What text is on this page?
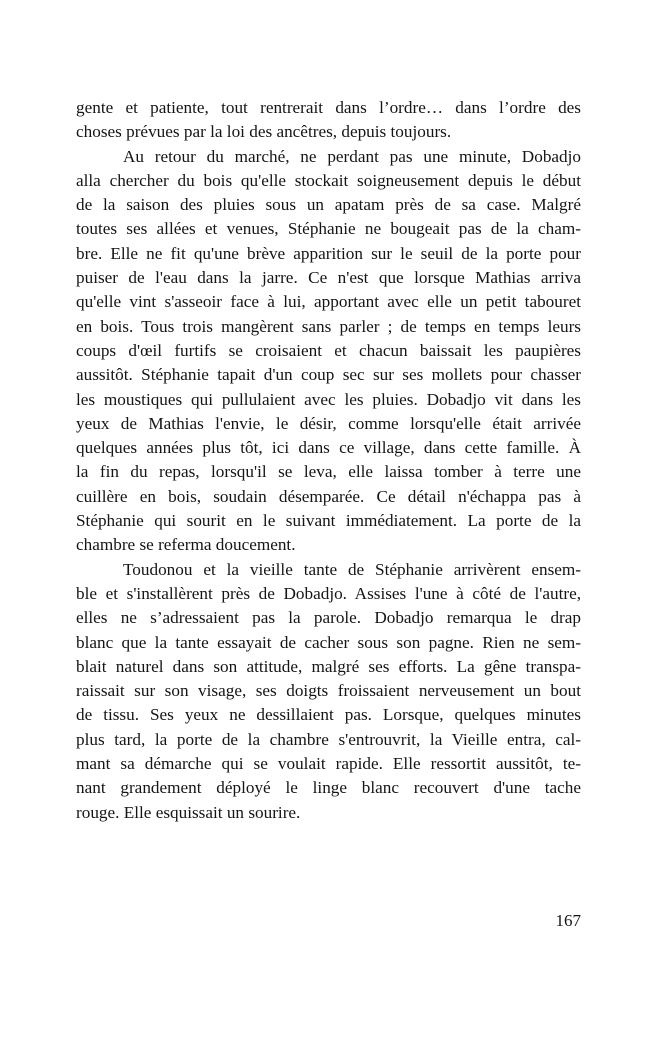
gente et patiente, tout rentrerait dans l’ordre… dans l’ordre des
choses prévues par la loi des ancêtres, depuis toujours.
Au retour du marché, ne perdant pas une minute, Dobadjo
alla chercher du bois qu'elle stockait soigneusement depuis le début
de la saison des pluies sous un apatam près de sa case. Malgré
toutes ses allées et venues, Stéphanie ne bougeait pas de la cham-
bre. Elle ne fit qu'une brève apparition sur le seuil de la porte pour
puiser de l'eau dans la jarre. Ce n'est que lorsque Mathias arriva
qu'elle vint s'asseoir face à lui, apportant avec elle un petit tabouret
en bois. Tous trois mangèrent sans parler ; de temps en temps leurs
coups d'œil furtifs se croisaient et chacun baissait les paupières
aussitôt. Stéphanie tapait d'un coup sec sur ses mollets pour chasser
les moustiques qui pullulaient avec les pluies. Dobadjo vit dans les
yeux de Mathias l'envie, le désir, comme lorsqu'elle était arrivée
quelques années plus tôt, ici dans ce village, dans cette famille. À
la fin du repas, lorsqu'il se leva, elle laissa tomber à terre une
cuillère en bois, soudain désemparée. Ce détail n'échappa pas à
Stéphanie qui sourit en le suivant immédiatement. La porte de la
chambre se referma doucement.
Toudonou et la vieille tante de Stéphanie arrivèrent ensem-
ble et s'installèrent près de Dobadjo. Assises l'une à côté de l'autre,
elles ne s’adressaient pas la parole. Dobadjo remarqua le drap
blanc que la tante essayait de cacher sous son pagne. Rien ne sem-
blait naturel dans son attitude, malgré ses efforts. La gêne transpa-
raissait sur son visage, ses doigts froissaient nerveusement un bout
de tissu. Ses yeux ne dessillaient pas. Lorsque, quelques minutes
plus tard, la porte de la chambre s'entrouvrit, la Vieille entra, cal-
mant sa démarche qui se voulait rapide. Elle ressortit aussitôt, te-
nant grandement déployé le linge blanc recouvert d'une tache
rouge. Elle esquissait un sourire.
167
